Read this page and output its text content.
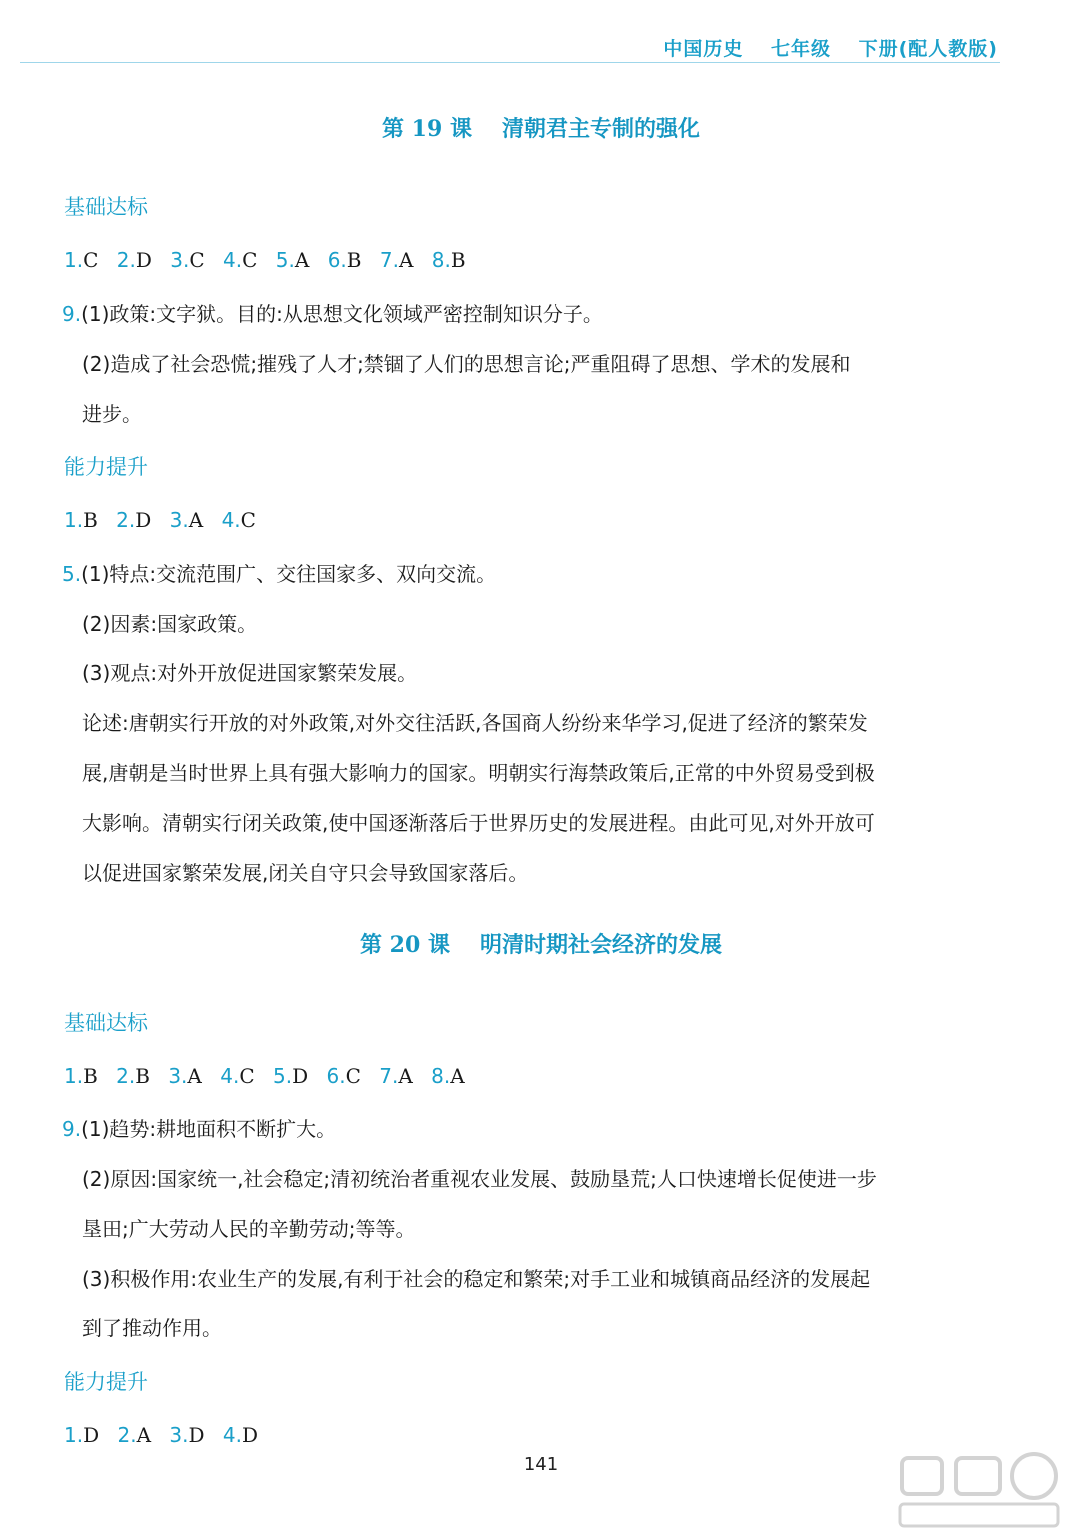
中国历史 七年级 下册(配人教版)
第 19 课 清朝君主专制的强化
基础达标
1.C 2.D 3.C 4.C 5.A 6.B 7.A 8.B
9.(1)政策:文字狱。目的:从思想文化领域严密控制知识分子。
(2)造成了社会恐慌;摧残了人才;禁锢了人们的思想言论;严重阻碍了思想、学术的发展和
进步。
能力提升
1.B 2.D 3.A 4.C
5.(1)特点:交流范围广、交往国家多、双向交流。
(2)因素:国家政策。
(3)观点:对外开放促进国家繁荣发展。
论述:唐朝实行开放的对外政策,对外交往活跃,各国商人纷纷来华学习,促进了经济的繁荣发
展,唐朝是当时世界上具有强大影响力的国家。明朝实行海禁政策后,正常的中外贸易受到极
大影响。清朝实行闭关政策,使中国逐渐落后于世界历史的发展进程。由此可见,对外开放可
以促进国家繁荣发展,闭关自守只会导致国家落后。
第 20 课 明清时期社会经济的发展
基础达标
1.B 2.B 3.A 4.C 5.D 6.C 7.A 8.A
9.(1)趋势:耕地面积不断扩大。
(2)原因:国家统一,社会稳定;清初统治者重视农业发展、鼓励垦荒;人口快速增长促使进一步
垦田;广大劳动人民的辛勤劳动;等等。
(3)积极作用:农业生产的发展,有利于社会的稳定和繁荣;对手工业和城镇商品经济的发展起
到了推动作用。
能力提升
1.D 2.A 3.D 4.D
141
